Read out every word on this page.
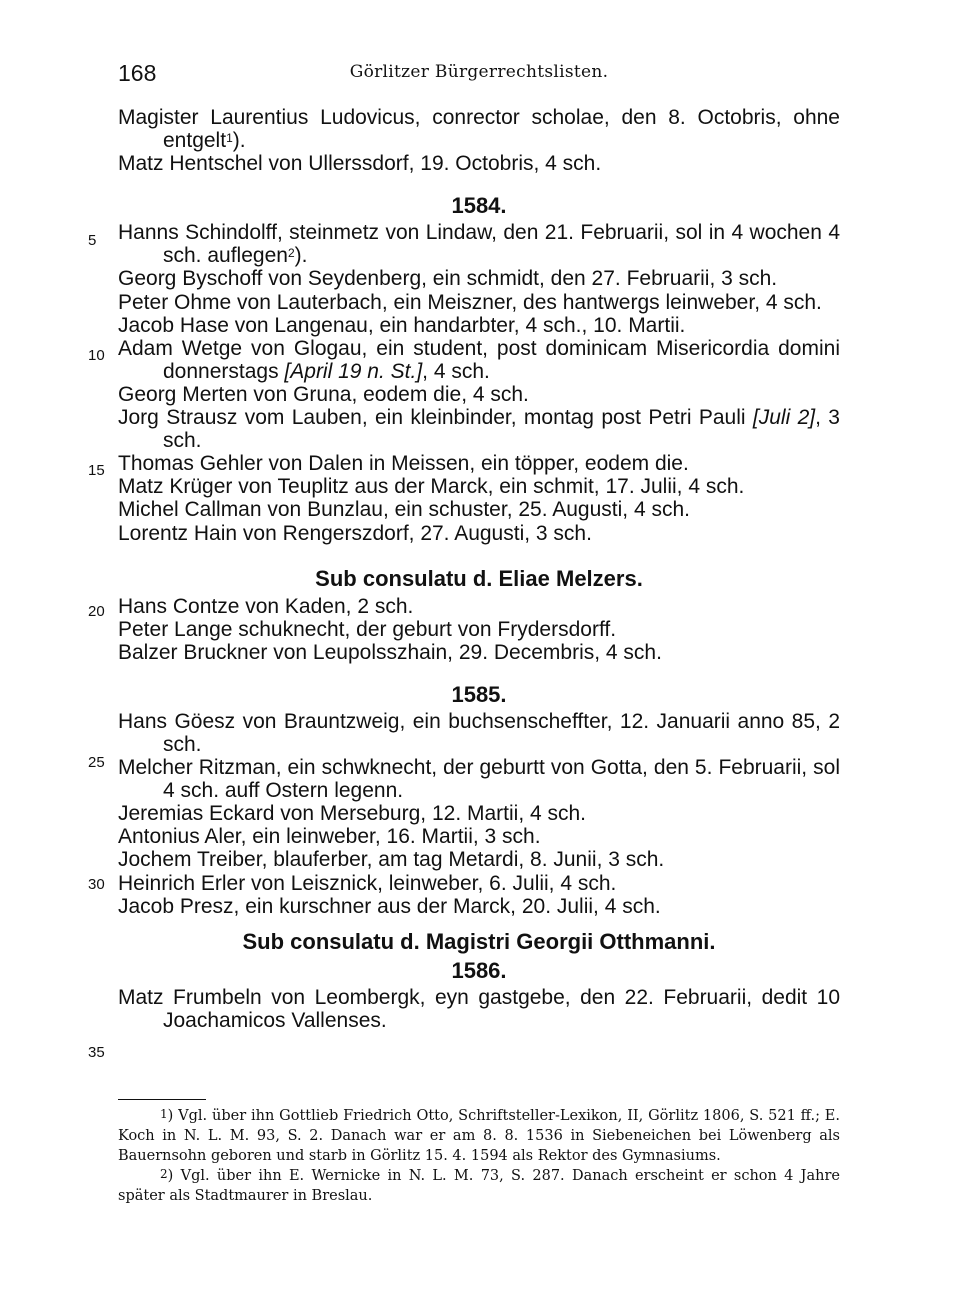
168	Görlitzer Bürgerrechtslisten.
5
10
15
20
25
30
35
Magister Laurentius Ludovicus, conrector scholae, den 8. Octobris, ohne entgelt$^1$).
Matz Hentschel von Ullerssdorf, 19. Octobris, 4 sch.
1584.
Hanns Schindolff, steinmetz von Lindaw, den 21. Februarii, sol in 4 wochen 4 sch. auflegen$^2$).
Georg Byschoff von Seydenberg, ein schmidt, den 27. Februarii, 3 sch.
Peter Ohme von Lauterbach, ein Meiszner, des hantwergs leinweber, 4 sch.
Jacob Hase von Langenau, ein handarbter, 4 sch., 10. Martii.
Adam Wetge von Glogau, ein student, post dominicam Misericordia domini donnerstags [April 19 n. St.], 4 sch.
Georg Merten von Gruna, eodem die, 4 sch.
Jorg Strausz vom Lauben, ein kleinbinder, montag post Petri Pauli [Juli 2], 3 sch.
Thomas Gehler von Dalen in Meissen, ein töpper, eodem die.
Matz Krüger von Teuplitz aus der Marck, ein schmit, 17. Julii, 4 sch.
Michel Callman von Bunzlau, ein schuster, 25. Augusti, 4 sch.
Lorentz Hain von Rengerszdorf, 27. Augusti, 3 sch.
Sub consulatu d. Eliae Melzers.
Hans Contze von Kaden, 2 sch.
Peter Lange schuknecht, der geburt von Frydersdorff.
Balzer Bruckner von Leupolsszhain, 29. Decembris, 4 sch.
1585.
Hans Göesz von Brauntzweig, ein buchsenscheffter, 12. Januarii anno 85, 2 sch.
Melcher Ritzman, ein schwknecht, der geburtt von Gotta, den 5. Februarii, sol 4 sch. auff Ostern legenn.
Jeremias Eckard von Merseburg, 12. Martii, 4 sch.
Antonius Aler, ein leinweber, 16. Martii, 3 sch.
Jochem Treiber, blauferber, am tag Metardi, 8. Junii, 3 sch.
Heinrich Erler von Leisznick, leinweber, 6. Julii, 4 sch.
Jacob Presz, ein kurschner aus der Marck, 20. Julii, 4 sch.
Sub consulatu d. Magistri Georgii Otthmanni.
1586.
Matz Frumbeln von Leombergk, eyn gastgebe, den 22. Februarii, dedit 10 Joachamicos Vallenses.

$^1$) Vgl. über ihn Gottlieb Friedrich Otto, Schriftsteller-Lexikon, II, Görlitz 1806, S. 521 ff.; E. Koch in N. L. M. 93, S. 2. Danach war er am 8. 8. 1536 in Siebeneichen bei Löwenberg als Bauernsohn geboren und starb in Görlitz 15. 4. 1594 als Rektor des Gymnasiums.

$^2$) Vgl. über ihn E. Wernicke in N. L. M. 73, S. 287. Danach erscheint er schon 4 Jahre später als Stadtmaurer in Breslau.
